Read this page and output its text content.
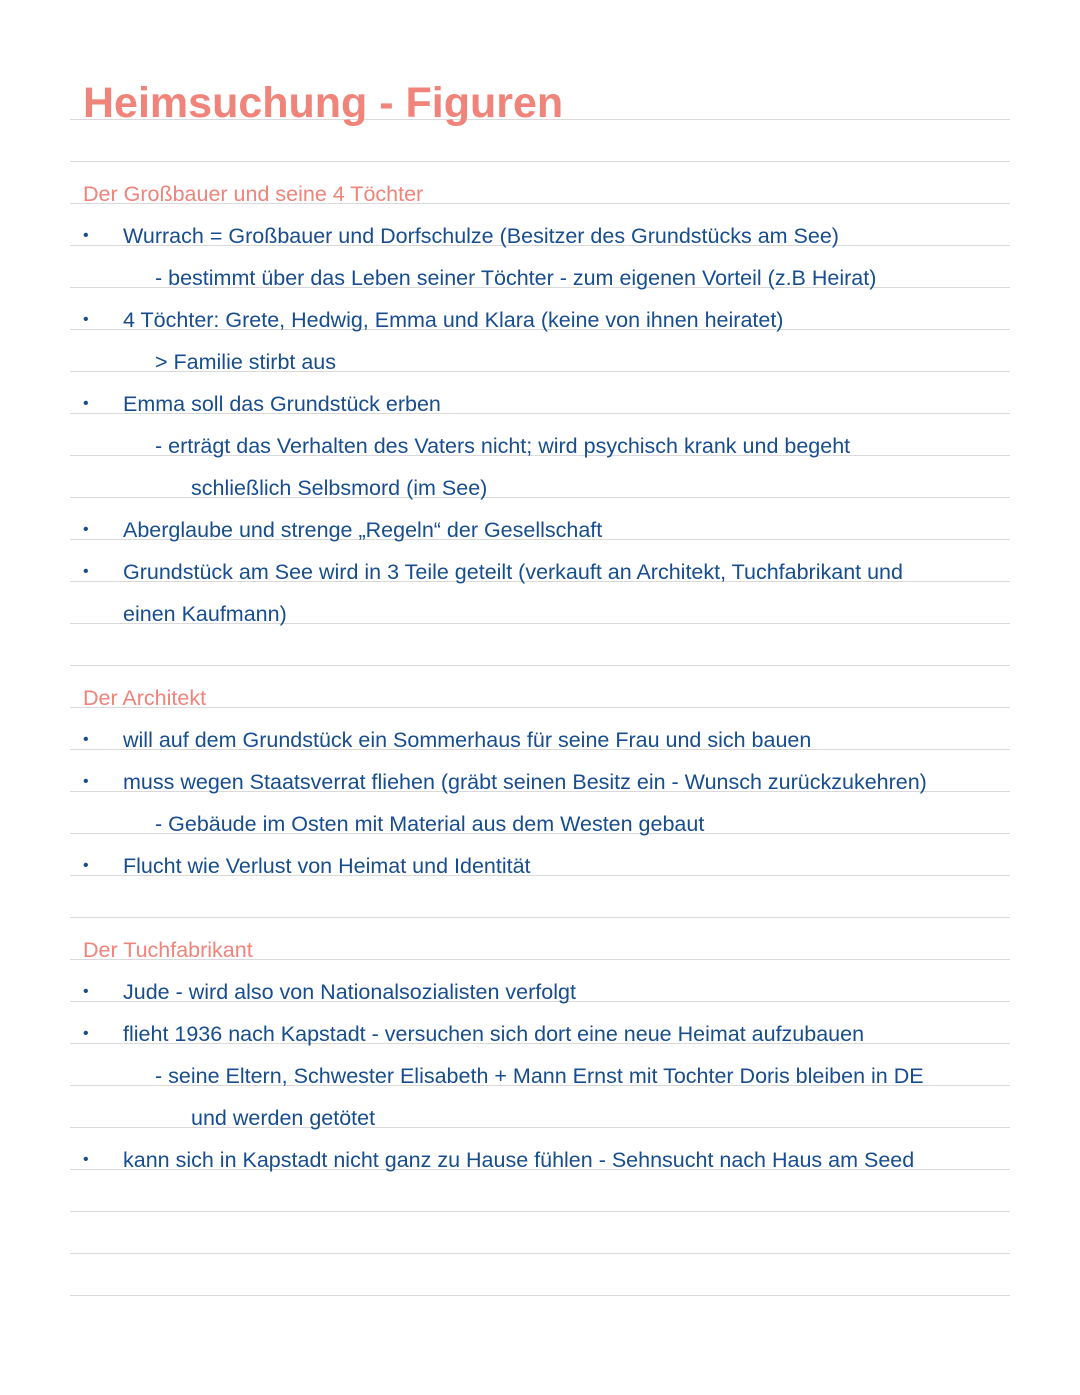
Heimsuchung - Figuren
Der Großbauer und seine 4 Töchter
• Wurrach = Großbauer und Dorfschulze (Besitzer des Grundstücks am See)
- bestimmt über das Leben seiner Töchter - zum eigenen Vorteil (z.B Heirat)
• 4 Töchter: Grete, Hedwig, Emma und Klara (keine von ihnen heiratet)
> Familie stirbt aus
• Emma soll das Grundstück erben
- erträgt das Verhalten des Vaters nicht; wird psychisch krank und begeht
schließlich Selbsmord (im See)
• Aberglaube und strenge „Regeln“ der Gesellschaft
• Grundstück am See wird in 3 Teile geteilt (verkauft an Architekt, Tuchfabrikant und
einen Kaufmann)
Der Architekt
• will auf dem Grundstück ein Sommerhaus für seine Frau und sich bauen
• muss wegen Staatsverrat fliehen (gräbt seinen Besitz ein - Wunsch zurückzukehren)
- Gebäude im Osten mit Material aus dem Westen gebaut
• Flucht wie Verlust von Heimat und Identität
Der Tuchfabrikant
• Jude - wird also von Nationalsozialisten verfolgt
• flieht 1936 nach Kapstadt - versuchen sich dort eine neue Heimat aufzubauen
- seine Eltern, Schwester Elisabeth + Mann Ernst mit Tochter Doris bleiben in DE
und werden getötet
• kann sich in Kapstadt nicht ganz zu Hause fühlen - Sehnsucht nach Haus am Seed
